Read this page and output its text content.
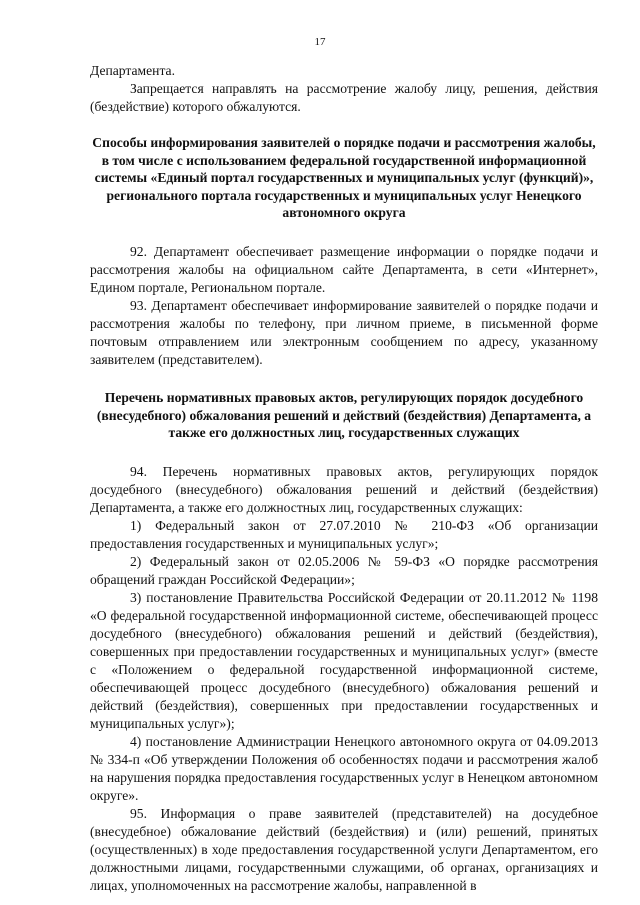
17

Департамента.

Запрещается направлять на рассмотрение жалобу лицу, решения, действия (бездействие) которого обжалуются.

Способы информирования заявителей о порядке подачи и рассмотрения жалобы, в том числе с использованием федеральной государственной информационной системы «Единый портал государственных и муниципальных услуг (функций)», регионального портала государственных и муниципальных услуг Ненецкого автономного округа

92. Департамент обеспечивает размещение информации о порядке подачи и рассмотрения жалобы на официальном сайте Департамента, в сети «Интернет», Едином портале, Региональном портале.

93. Департамент обеспечивает информирование заявителей о порядке подачи и рассмотрения жалобы по телефону, при личном приеме, в письменной форме почтовым отправлением или электронным сообщением по адресу, указанному заявителем (представителем).

Перечень нормативных правовых актов, регулирующих порядок досудебного (внесудебного) обжалования решений и действий (бездействия) Департамента, а также его должностных лиц, государственных служащих

94. Перечень нормативных правовых актов, регулирующих порядок досудебного (внесудебного) обжалования решений и действий (бездействия) Департамента, а также его должностных лиц, государственных служащих:

1) Федеральный закон от 27.07.2010 № 210-ФЗ «Об организации предоставления государственных и муниципальных услуг»;

2) Федеральный закон от 02.05.2006 № 59-ФЗ «О порядке рассмотрения обращений граждан Российской Федерации»;

3) постановление Правительства Российской Федерации от 20.11.2012 № 1198 «О федеральной государственной информационной системе, обеспечивающей процесс досудебного (внесудебного) обжалования решений и действий (бездействия), совершенных при предоставлении государственных и муниципальных услуг» (вместе с «Положением о федеральной государственной информационной системе, обеспечивающей процесс досудебного (внесудебного) обжалования решений и действий (бездействия), совершенных при предоставлении государственных и муниципальных услуг»);

4) постановление Администрации Ненецкого автономного округа от 04.09.2013 № 334-п «Об утверждении Положения об особенностях подачи и рассмотрения жалоб на нарушения порядка предоставления государственных услуг в Ненецком автономном округе».

95. Информация о праве заявителей (представителей) на досудебное (внесудебное) обжалование действий (бездействия) и (или) решений, принятых (осуществленных) в ходе предоставления государственной услуги Департаментом, его должностными лицами, государственными служащими, об органах, организациях и лицах, уполномоченных на рассмотрение жалобы, направленной в
